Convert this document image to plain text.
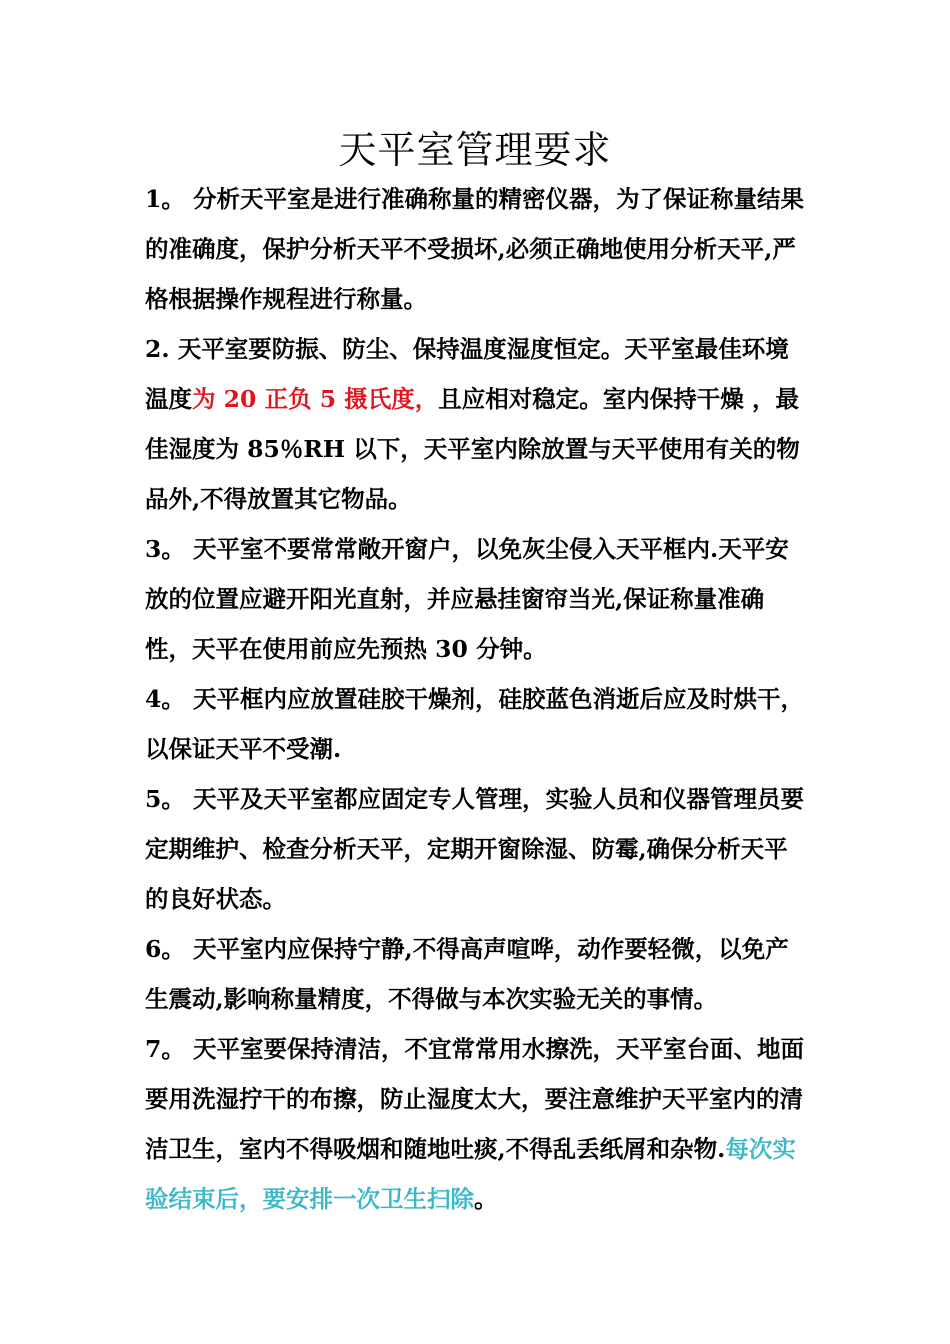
天平室管理要求

1。 分析天平室是进行准确称量的精密仪器，为了保证称量结果的准确度，保护分析天平不受损坏,必须正确地使用分析天平,严格根据操作规程进行称量。

2. 天平室要防振、防尘、保持温度湿度恒定。天平室最佳环境温度为 20 正负 5 摄氏度，且应相对稳定。室内保持干燥 ，最佳湿度为 85％RH 以下，天平室内除放置与天平使用有关的物品外,不得放置其它物品。

3。 天平室不要常常敞开窗户，以免灰尘侵入天平框内.天平安放的位置应避开阳光直射，并应悬挂窗帘当光,保证称量准确性，天平在使用前应先预热 30 分钟。

4。 天平框内应放置硅胶干燥剂，硅胶蓝色消逝后应及时烘干，以保证天平不受潮.

5。 天平及天平室都应固定专人管理，实验人员和仪器管理员要定期维护、检查分析天平，定期开窗除湿、防霉,确保分析天平的良好状态。

6。 天平室内应保持宁静,不得高声喧哗，动作要轻微，以免产生震动,影响称量精度，不得做与本次实验无关的事情。

7。 天平室要保持清洁，不宜常常用水擦洗，天平室台面、地面要用洗湿拧干的布擦，防止湿度太大，要注意维护天平室内的清洁卫生，室内不得吸烟和随地吐痰,不得乱丢纸屑和杂物.每次实验结束后，要安排一次卫生扫除。
